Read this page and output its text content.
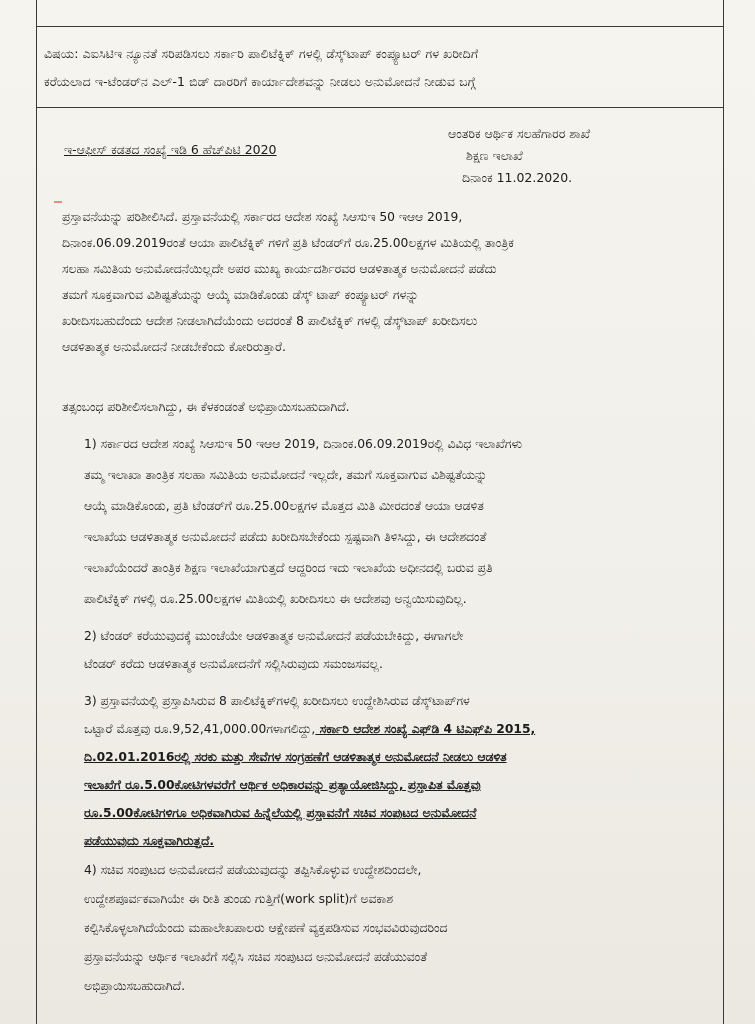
ವಿಷಯ: ಎಐಸಿಟಿಇ ನ್ಯೂನತೆ ಸರಿಪಡಿಸಲು ಸರ್ಕಾರಿ ಪಾಲಿಟೆಕ್ನಿಕ್ ಗಳಲ್ಲಿ ಡೆಸ್ಕ್‌ಟಾಪ್ ಕಂಪ್ಯೂಟರ್ ಗಳ ಖರೀದಿಗೆ
ಕರೆಯಲಾದ ಇ-ಟೆಂಡರ್‌ನ ಎಲ್-1 ಬಿಡ್ ದಾರರಿಗೆ ಕಾರ್ಯಾದೇಶವನ್ನು ನೀಡಲು ಅನುಮೋದನೆ ನೀಡುವ ಬಗ್ಗೆ
ಇ-ಆಫೀಸ್ ಕಡತದ ಸಂಖ್ಯೆ ಇಡಿ 6 ಹೆಚ್‌ಪಿಟಿ 2020
ಆಂತರಿಕ ಆರ್ಥಿಕ ಸಲಹೆಗಾರರ ಶಾಖೆ
ಶಿಕ್ಷಣ ಇಲಾಖೆ
ದಿನಾಂಕ 11.02.2020.
ಪ್ರಸ್ತಾವನೆಯನ್ನು ಪರಿಶೀಲಿಸಿದೆ. ಪ್ರಸ್ತಾವನೆಯಲ್ಲಿ ಸರ್ಕಾರದ ಆದೇಶ ಸಂಖ್ಯೆ ಸಿಆಸುಇ 50 ಇಆಆ 2019,
ದಿನಾಂಕ.06.09.2019ರಂತೆ ಆಯಾ ಪಾಲಿಟೆಕ್ನಿಕ್ ಗಳಿಗೆ ಪ್ರತಿ ಟೆಂಡರ್‌ಗೆ ರೂ.25.00ಲಕ್ಷಗಳ ಮಿತಿಯಲ್ಲಿ ತಾಂತ್ರಿಕ
ಸಲಹಾ ಸಮಿತಿಯ ಅನುಮೋದನೆಯಿಲ್ಲದೇ ಅಪರ ಮುಖ್ಯ ಕಾರ್ಯದರ್ಶಿರವರ ಆಡಳಿತಾತ್ಮಕ ಅನುಮೋದನೆ ಪಡೆದು
ತಮಗೆ ಸೂಕ್ತವಾಗುವ ವಿಶಿಷ್ಟತೆಯನ್ನು ಆಯ್ಕೆ ಮಾಡಿಕೊಂಡು ಡೆಸ್ಕ್ ಟಾಪ್ ಕಂಪ್ಯೂಟರ್ ಗಳನ್ನು
ಖರೀದಿಸಬಹುದೆಂದು ಆದೇಶ ನೀಡಲಾಗಿದೆಯೆಂದು ಅದರಂತೆ 8 ಪಾಲಿಟೆಕ್ನಿಕ್ ಗಳಲ್ಲಿ ಡೆಸ್ಕ್‌ಟಾಪ್ ಖರೀದಿಸಲು
ಆಡಳಿತಾತ್ಮಕ ಅನುಮೋದನೆ ನೀಡಬೇಕೆಂದು ಕೋರಿರುತ್ತಾರೆ.
ತತ್ಸಂಬಂಧ ಪರಿಶೀಲಿಸಲಾಗಿದ್ದು, ಈ ಕೆಳಕಂಡಂತೆ ಅಭಿಪ್ರಾಯಿಸಬಹುದಾಗಿದೆ.
1) ಸರ್ಕಾರದ ಆದೇಶ ಸಂಖ್ಯೆ ಸಿಆಸುಇ 50 ಇಆಆ 2019, ದಿನಾಂಕ.06.09.2019ರಲ್ಲಿ ವಿವಿಧ ಇಲಾಖೆಗಳು
ತಮ್ಮ ಇಲಾಖಾ ತಾಂತ್ರಿಕ ಸಲಹಾ ಸಮಿತಿಯ ಅನುಮೋದನೆ ಇಲ್ಲದೇ, ತಮಗೆ ಸೂಕ್ತವಾಗುವ ವಿಶಿಷ್ಟತೆಯನ್ನು
ಆಯ್ಕೆ ಮಾಡಿಕೊಂಡು, ಪ್ರತಿ ಟೆಂಡರ್‌ಗೆ ರೂ.25.00ಲಕ್ಷಗಳ ಮೊತ್ತದ ಮಿತಿ ಮೀರದಂತೆ ಆಯಾ ಆಡಳಿತ
ಇಲಾಖೆಯ ಆಡಳಿತಾತ್ಮಕ ಅನುಮೋದನೆ ಪಡೆದು ಖರೀದಿಸಬೇಕೆಂದು ಸ್ಪಷ್ಟವಾಗಿ ತಿಳಿಸಿದ್ದು, ಈ ಆದೇಶದಂತೆ
ಇಲಾಖೆಯೆಂದರೆ ತಾಂತ್ರಿಕ ಶಿಕ್ಷಣ ಇಲಾಖೆಯಾಗುತ್ತದೆ ಆದ್ದರಿಂದ ಇದು ಇಲಾಖೆಯ ಅಧೀನದಲ್ಲಿ ಬರುವ ಪ್ರತಿ
ಪಾಲಿಟೆಕ್ನಿಕ್ ಗಳಲ್ಲಿ ರೂ.25.00ಲಕ್ಷಗಳ ಮಿತಿಯಲ್ಲಿ ಖರೀದಿಸಲು ಈ ಆದೇಶವು ಅನ್ವಯಿಸುವುದಿಲ್ಲ.
2) ಟೆಂಡರ್ ಕರೆಯುವುದಕ್ಕೆ ಮುಂಚೆಯೇ ಆಡಳಿತಾತ್ಮಕ ಅನುಮೋದನೆ ಪಡೆಯಬೇಕಿದ್ದು, ಈಗಾಗಲೇ
ಟೆಂಡರ್ ಕರೆದು ಆಡಳಿತಾತ್ಮಕ ಅನುಮೋದನೆಗೆ ಸಲ್ಲಿಸಿರುವುದು ಸಮಂಜಸವಲ್ಲ.
3) ಪ್ರಸ್ತಾವನೆಯಲ್ಲಿ ಪ್ರಸ್ತಾಪಿಸಿರುವ 8 ಪಾಲಿಟೆಕ್ನಿಕ್‌ಗಳಲ್ಲಿ ಖರೀದಿಸಲು ಉದ್ದೇಶಿಸಿರುವ ಡೆಸ್ಕ್‌ಟಾಪ್‌ಗಳ
ಒಟ್ಟಾರೆ ಮೊತ್ತವು ರೂ.9,52,41,000.00ಗಳಾಗಲಿದ್ದು, ಸರ್ಕಾರಿ ಆದೇಶ ಸಂಖ್ಯೆ ಎಫ್‌ಡಿ 4 ಟಿಎಫ್‌ಪಿ 2015,
ದಿ.02.01.2016ರಲ್ಲಿ ಸರಕು ಮತ್ತು ಸೇವೆಗಳ ಸಂಗ್ರಹಣೆಗೆ ಆಡಳಿತಾತ್ಮಕ ಅನುಮೋದನೆ ನೀಡಲು ಆಡಳಿತ
ಇಲಾಖೆಗೆ ರೂ.5.00ಕೋಟಿಗಳವರೆಗೆ ಆರ್ಥಿಕ ಅಧಿಕಾರವನ್ನು ಪ್ರತ್ಯಾಯೋಜಿಸಿದ್ದು, ಪ್ರಸ್ತಾಪಿತ ಮೊತ್ತವು
ರೂ.5.00ಕೋಟಿಗಳಿಗೂ ಅಧಿಕವಾಗಿರುವ ಹಿನ್ನೆಲೆಯಲ್ಲಿ ಪ್ರಸ್ತಾವನೆಗೆ ಸಚಿವ ಸಂಪುಟದ ಅನುಮೋದನೆ
ಪಡೆಯುವುದು ಸೂಕ್ತವಾಗಿರುತ್ತದೆ.
4) ಸಚಿವ ಸಂಪುಟದ ಅನುಮೋದನೆ ಪಡೆಯುವುದನ್ನು ತಪ್ಪಿಸಿಕೊಳ್ಳುವ ಉದ್ದೇಶದಿಂದಲೇ,
ಉದ್ದೇಶಪೂರ್ವಕವಾಗಿಯೇ ಈ ರೀತಿ ತುಂಡು ಗುತ್ತಿಗೆ(work split)ಗೆ ಅವಕಾಶ
ಕಲ್ಪಿಸಿಕೊಳ್ಳಲಾಗಿದೆಯೆಂದು ಮಹಾಲೇಖಪಾಲರು ಆಕ್ಷೇಪಣೆ ವ್ಯಕ್ತಪಡಿಸುವ ಸಂಭವವಿರುವುದರಿಂದ
ಪ್ರಸ್ತಾವನೆಯನ್ನು ಆರ್ಥಿಕ ಇಲಾಖೆಗೆ ಸಲ್ಲಿಸಿ ಸಚಿವ ಸಂಪುಟದ ಅನುಮೋದನೆ ಪಡೆಯುವಂತೆ
ಅಭಿಪ್ರಾಯಿಸಬಹುದಾಗಿದೆ.
